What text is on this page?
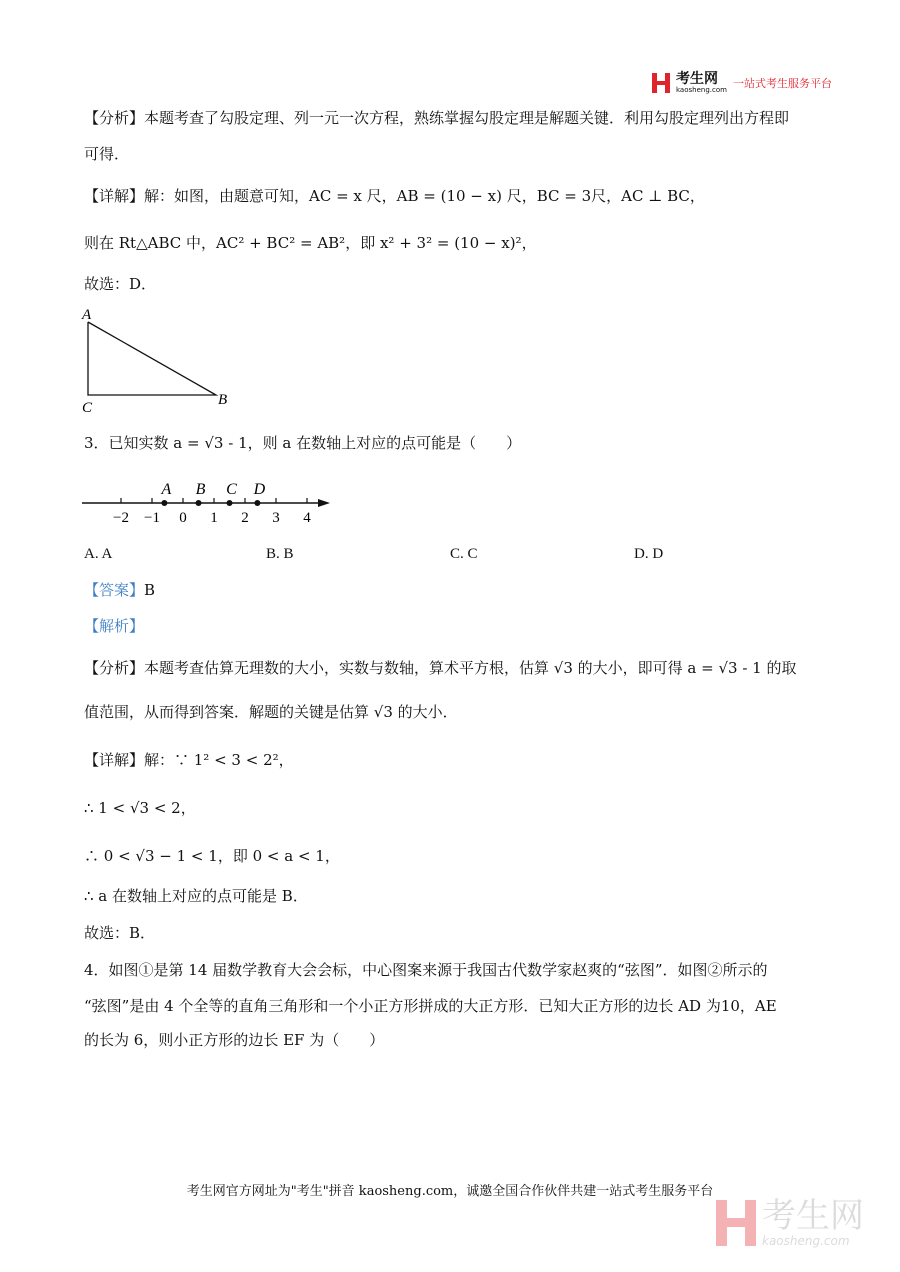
考生网
kaosheng.com 一站式考生服务平台
【分析】本题考查了勾股定理、列一元一次方程，熟练掌握勾股定理是解题关键．利用勾股定理列出方程即
可得．
【详解】解：如图，由题意可知，AC = x 尺，AB = (10 − x) 尺，BC = 3尺，AC ⊥ BC，
则在 Rt△ABC 中，AC² + BC² = AB²，即 x² + 3² = (10 − x)²，
故选：D．
A
B
C
3．已知实数 a = √3 - 1，则 a 在数轴上对应的点可能是（　　）
−2 −1 0 1 2 3 4
A B C D
A. A	B. B	C. C	D. D
【答案】B
【解析】
【分析】本题考查估算无理数的大小，实数与数轴，算术平方根，估算 √3 的大小，即可得 a = √3 - 1 的取
值范围，从而得到答案．解题的关键是估算 √3 的大小．
【详解】解：∵ 1² < 3 < 2²，
∴ 1 < √3 < 2，
∴ 0 < √3 − 1 < 1，即 0 < a < 1，
∴ a 在数轴上对应的点可能是 B．
故选：B．
4．如图①是第 14 届数学教育大会会标，中心图案来源于我国古代数学家赵爽的“弦图”．如图②所示的
“弦图”是由 4 个全等的直角三角形和一个小正方形拼成的大正方形．已知大正方形的边长 AD 为10，AE
的长为 6，则小正方形的边长 EF 为（　　）
考生网官方网址为"考生"拼音 kaosheng.com，诚邀全国合作伙伴共建一站式考生服务平台
考生网
kaosheng.com
